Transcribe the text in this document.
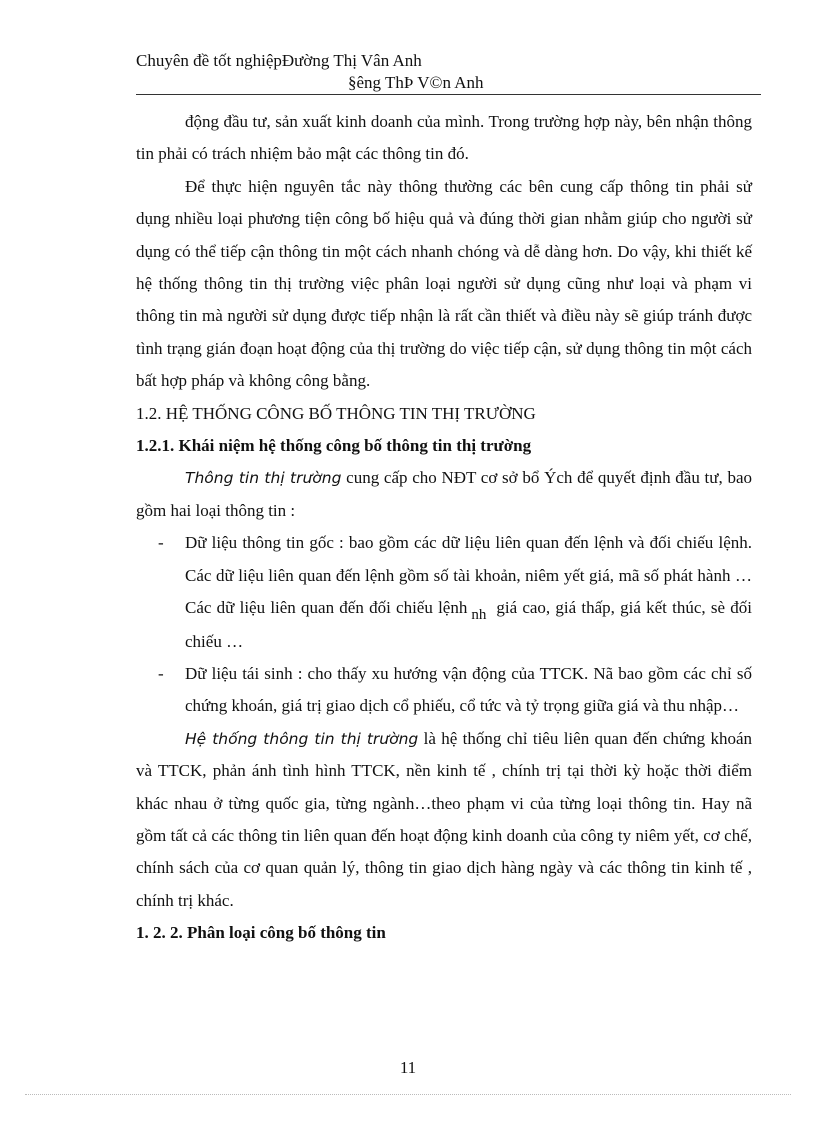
Chuyên đề tốt nghiệpĐường Thị Vân Anh
§êng ThÞ V©n Anh

động đầu tư, sản xuất kinh doanh của mình. Trong trường hợp này, bên nhận thông tin phải có trách nhiệm bảo mật các thông tin đó.

Để thực hiện nguyên tắc này thông thường các bên cung cấp thông tin phải sử dụng nhiều loại phương tiện công bố hiệu quả và đúng thời gian nhằm giúp cho người sử dụng có thể tiếp cận thông tin một cách nhanh chóng và dễ dàng hơn. Do vậy, khi thiết kế hệ thống thông tin thị trường việc phân loại người sử dụng cũng như loại và phạm vi thông tin mà người sử dụng được tiếp nhận là rất cần thiết và điều này sẽ giúp tránh được tình trạng gián đoạn hoạt động của thị trường do việc tiếp cận, sử dụng thông tin một cách bất hợp pháp và không công bằng.

1.2. HỆ THỐNG CÔNG BỐ THÔNG TIN THỊ TRƯỜNG

1.2.1. Khái niệm hệ thống công bố thông tin thị trường

Thông tin thị trường cung cấp cho NĐT cơ sở bổ Ých để quyết định đầu tư, bao gồm hai loại thông tin :

- Dữ liệu thông tin gốc : bao gồm các dữ liệu liên quan đến lệnh và đối chiếu lệnh. Các dữ liệu liên quan đến lệnh gồm số tài khoản, niêm yết giá, mã số phát hành …Các dữ liệu liên quan đến đối chiếu lệnh nh giá cao, giá thấp, giá kết thúc, sè đối chiếu …

- Dữ liệu tái sinh : cho thấy xu hướng vận động của TTCK. Nã bao gồm các chỉ số chứng khoán, giá trị giao dịch cổ phiếu, cổ tức và tỷ trọng giữa giá và thu nhập…

Hệ thống thông tin thị trường là hệ thống chỉ tiêu liên quan đến chứng khoán và TTCK, phản ánh tình hình TTCK, nền kinh tế , chính trị tại thời kỳ hoặc thời điểm khác nhau ở từng quốc gia, từng ngành…theo phạm vi của từng loại thông tin. Hay nã gồm tất cả các thông tin liên quan đến hoạt động kinh doanh của công ty niêm yết, cơ chế, chính sách của cơ quan quản lý, thông tin giao dịch hàng ngày và các thông tin kinh tế , chính trị khác.

1. 2. 2. Phân loại công bố thông tin

11
